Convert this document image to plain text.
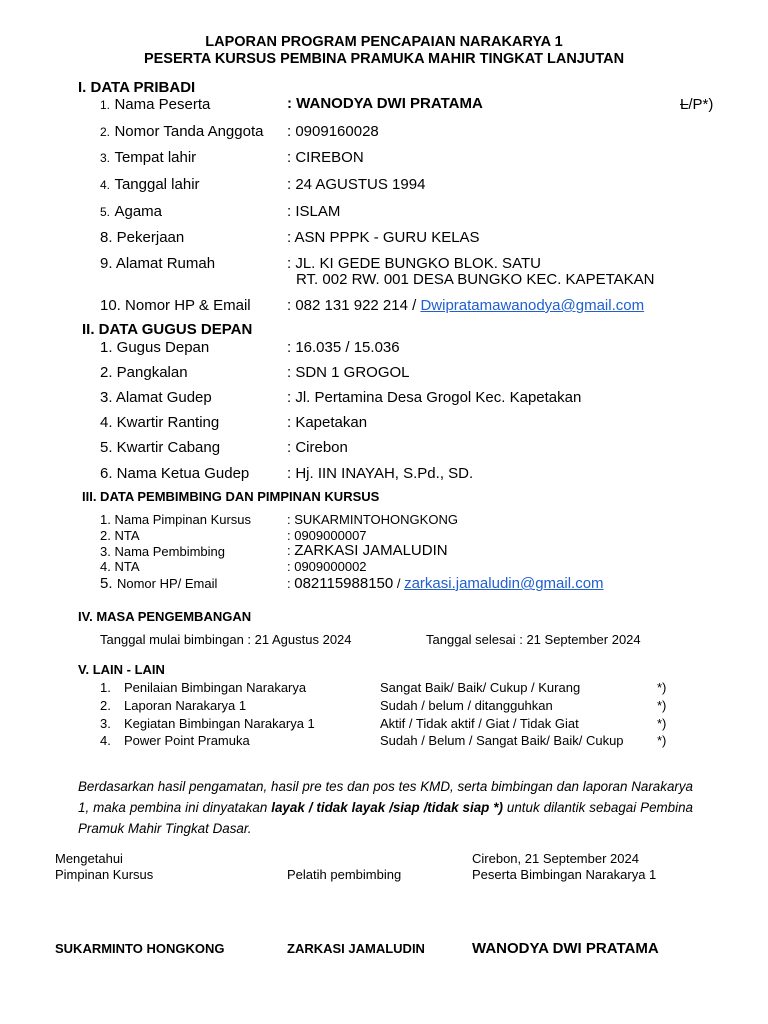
LAPORAN PROGRAM PENCAPAIAN NARAKARYA 1
PESERTA KURSUS PEMBINA PRAMUKA MAHIR TINGKAT LANJUTAN
I. DATA PRIBADI
1. Nama Peserta	: WANODYA DWI PRATAMA	L/P*)
2. Nomor Tanda Anggota : 0909160028
3. Tempat lahir	: CIREBON
4. Tanggal lahir	: 24 AGUSTUS 1994
5. Agama	: ISLAM
8. Pekerjaan	: ASN PPPK - GURU KELAS
9. Alamat Rumah	: JL. KI GEDE BUNGKO BLOK. SATU
RT. 002 RW. 001 DESA BUNGKO KEC. KAPETAKAN
10. Nomor HP & Email : 082 131 922 214 / Dwipratamawanodya@gmail.com
II. DATA GUGUS DEPAN
1. Gugus Depan	: 16.035 / 15.036
2. Pangkalan	: SDN 1 GROGOL
3. Alamat Gudep	: Jl. Pertamina Desa Grogol Kec. Kapetakan
4. Kwartir Ranting	: Kapetakan
5. Kwartir Cabang	: Cirebon
6. Nama Ketua Gudep	: Hj. IIN INAYAH, S.Pd., SD.
III. DATA PEMBIMBING DAN PIMPINAN KURSUS
1. Nama Pimpinan Kursus	: SUKARMINTOHONGKONG
2. NTA	: 0909000007
3. Nama Pembimbing	: ZARKASI JAMALUDIN
4. NTA	: 0909000002
5. Nomor HP/ Email	: 082115988150 / zarkasi.jamaludin@gmail.com
IV. MASA PENGEMBANGAN
Tanggal mulai bimbingan : 21 Agustus 2024	Tanggal selesai : 21 September 2024
V. LAIN - LAIN
1. Penilaian Bimbingan Narakarya	Sangat Baik/ Baik/ Cukup / Kurang	*)
2. Laporan Narakarya 1	Sudah / belum / ditangguhkan	*)
3. Kegiatan Bimbingan Narakarya 1	Aktif / Tidak aktif / Giat / Tidak Giat	*)
4. Power Point Pramuka	Sudah / Belum / Sangat Baik/ Baik/ Cukup	*)
Berdasarkan hasil pengamatan, hasil pre tes dan pos tes KMD, serta bimbingan dan laporan Narakarya 1, maka pembina ini dinyatakan layak / tidak layak /siap /tidak siap *) untuk dilantik sebagai Pembina Pramuk Mahir Tingkat Dasar.
Mengetahui
Pimpinan Kursus	Pelatih pembimbing
Cirebon, 21 September 2024
Peserta Bimbingan Narakarya 1
SUKARMINTO HONGKONG	ZARKASI JAMALUDIN	WANODYA DWI PRATAMA
